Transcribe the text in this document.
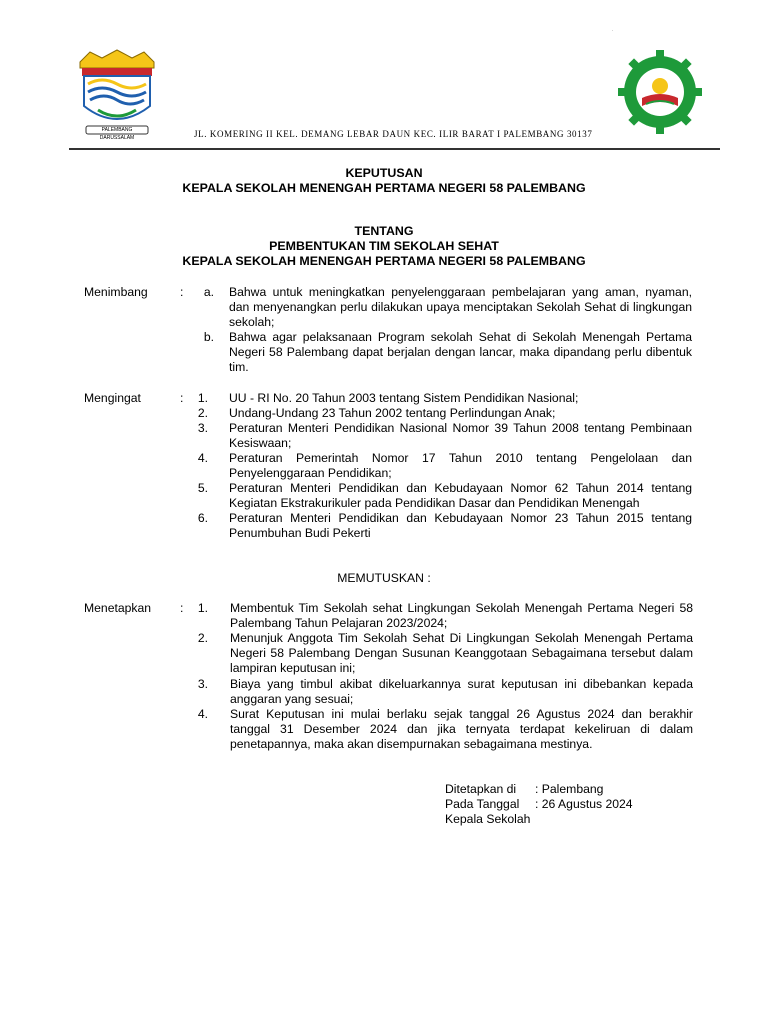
PALEMBANG DARUSSALAM	JL. KOMERING II KEL. DEMANG LEBAR DAUN KEC. ILIR BARAT I PALEMBANG 30137
KEPUTUSAN
KEPALA SEKOLAH MENENGAH PERTAMA NEGERI 58 PALEMBANG
TENTANG
PEMBENTUKAN TIM SEKOLAH SEHAT
KEPALA SEKOLAH MENENGAH PERTAMA NEGERI 58 PALEMBANG
Menimbang	:	a. Bahwa untuk meningkatkan penyelenggaraan pembelajaran yang aman, nyaman, dan menyenangkan perlu dilakukan upaya menciptakan Sekolah Sehat di lingkungan sekolah;
b. Bahwa agar pelaksanaan Program sekolah Sehat di Sekolah Menengah Pertama Negeri 58 Palembang dapat berjalan dengan lancar, maka dipandang perlu dibentuk tim.
Mengingat	:	1. UU - RI No. 20 Tahun 2003 tentang Sistem Pendidikan Nasional;
2. Undang-Undang 23 Tahun 2002 tentang Perlindungan Anak;
3. Peraturan Menteri Pendidikan Nasional Nomor 39 Tahun 2008 tentang Pembinaan Kesiswaan;
4. Peraturan Pemerintah Nomor 17 Tahun 2010 tentang Pengelolaan dan Penyelenggaraan Pendidikan;
5. Peraturan Menteri Pendidikan dan Kebudayaan Nomor 62 Tahun 2014 tentang Kegiatan Ekstrakurikuler pada Pendidikan Dasar dan Pendidikan Menengah
6. Peraturan Menteri Pendidikan dan Kebudayaan Nomor 23 Tahun 2015 tentang Penumbuhan Budi Pekerti
MEMUTUSKAN :
Menetapkan :	1. Membentuk Tim Sekolah sehat Lingkungan Sekolah Menengah Pertama Negeri 58 Palembang Tahun Pelajaran 2023/2024;
2. Menunjuk Anggota Tim Sekolah Sehat Di Lingkungan Sekolah Menengah Pertama Negeri 58 Palembang Dengan Susunan Keanggotaan Sebagaimana tersebut dalam lampiran keputusan ini;
3. Biaya yang timbul akibat dikeluarkannya surat keputusan ini dibebankan kepada anggaran yang sesuai;
4. Surat Keputusan ini mulai berlaku sejak tanggal 26 Agustus 2024 dan berakhir tanggal 31 Desember 2024 dan jika ternyata terdapat kekeliruan di dalam penetapannya, maka akan disempurnakan sebagaimana mestinya.
Ditetapkan di : Palembang
Pada Tanggal : 26 Agustus 2024
Kepala Sekolah
